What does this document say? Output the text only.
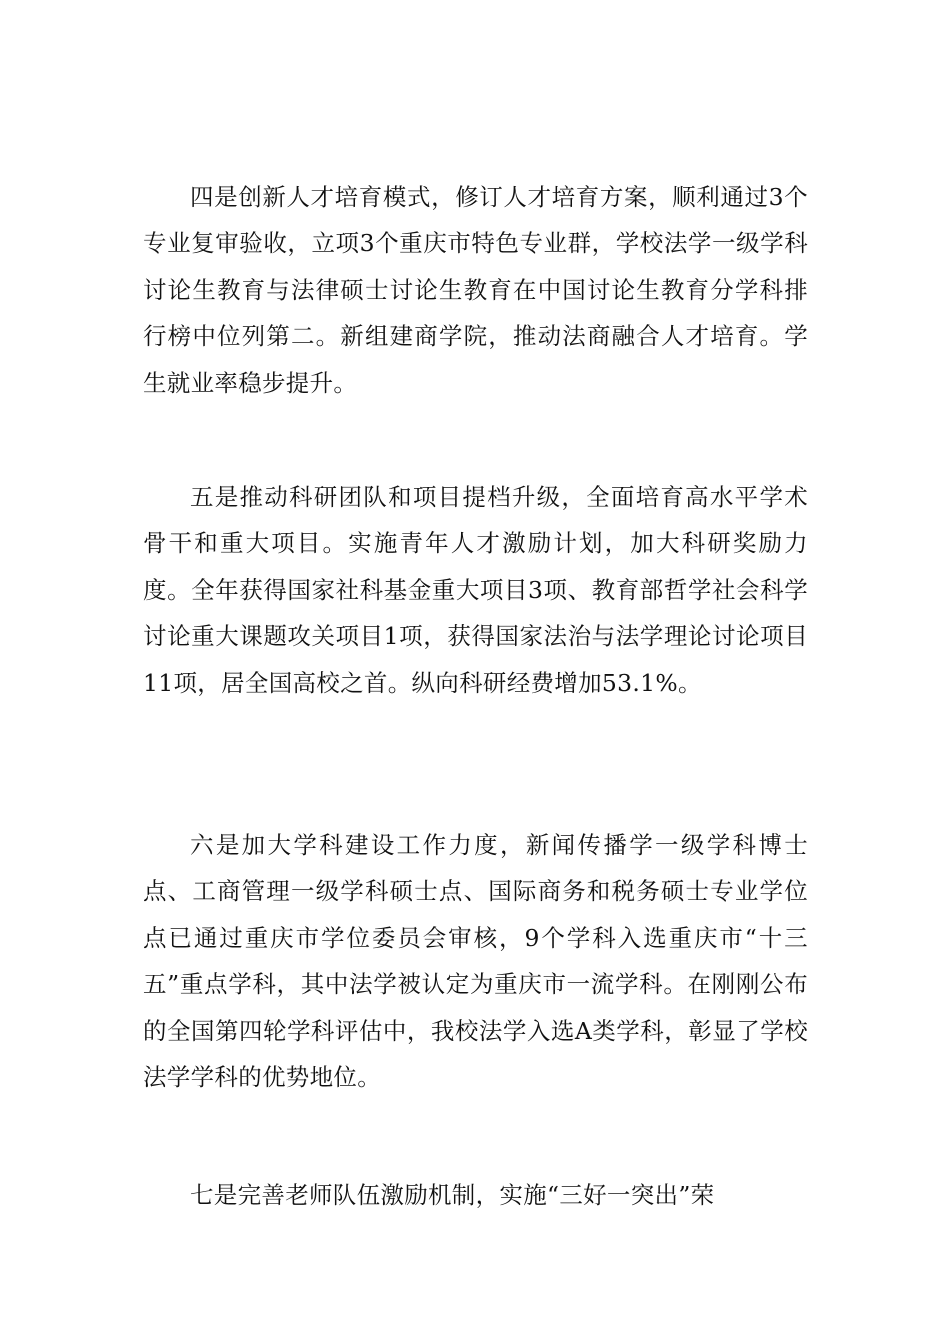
四是创新人才培育模式，修订人才培育方案，顺利通过3个专业复审验收，立项3个重庆市特色专业群，学校法学一级学科讨论生教育与法律硕士讨论生教育在中国讨论生教育分学科排行榜中位列第二。新组建商学院，推动法商融合人才培育。学生就业率稳步提升。

五是推动科研团队和项目提档升级，全面培育高水平学术骨干和重大项目。实施青年人才激励计划，加大科研奖励力度。全年获得国家社科基金重大项目3项、教育部哲学社会科学讨论重大课题攻关项目1项，获得国家法治与法学理论讨论项目11项，居全国高校之首。纵向科研经费增加53.1%。

六是加大学科建设工作力度，新闻传播学一级学科博士点、工商管理一级学科硕士点、国际商务和税务硕士专业学位点已通过重庆市学位委员会审核，9个学科入选重庆市“十三五”重点学科，其中法学被认定为重庆市一流学科。在刚刚公布的全国第四轮学科评估中，我校法学入选A类学科，彰显了学校法学学科的优势地位。

七是完善老师队伍激励机制，实施“三好一突出”荣
